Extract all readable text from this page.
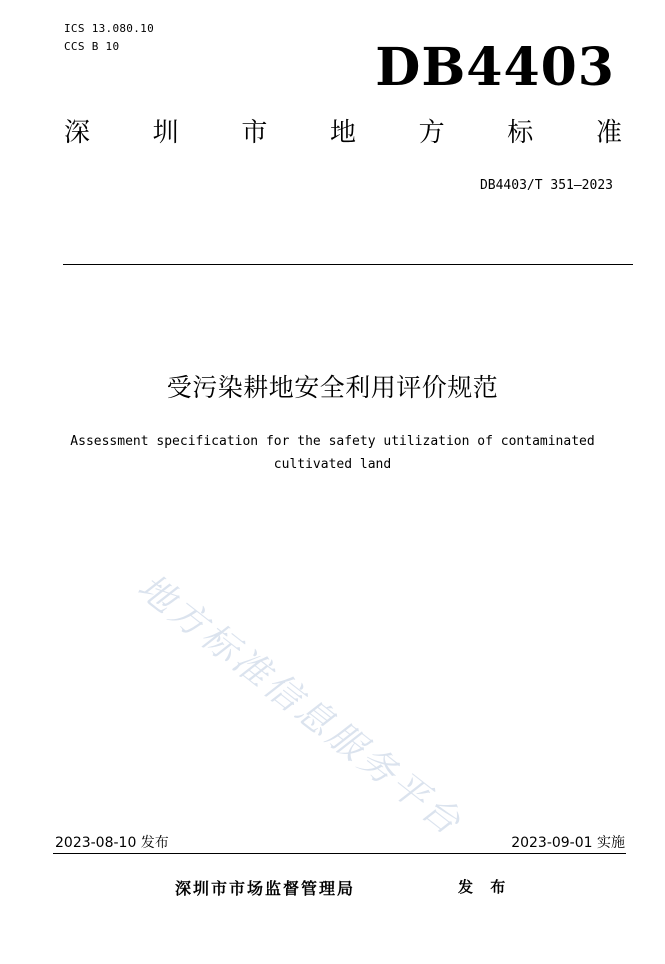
ICS 13.080.10
CCS B 10	DB4403
深 圳 市 地 方 标 准
DB4403/T 351—2023
受污染耕地安全利用评价规范
Assessment specification for the safety utilization of contaminated
cultivated land
地方标准信息服务平台
2023-08-10 发布	2023-09-01 实施
深圳市市场监督管理局	发 布
